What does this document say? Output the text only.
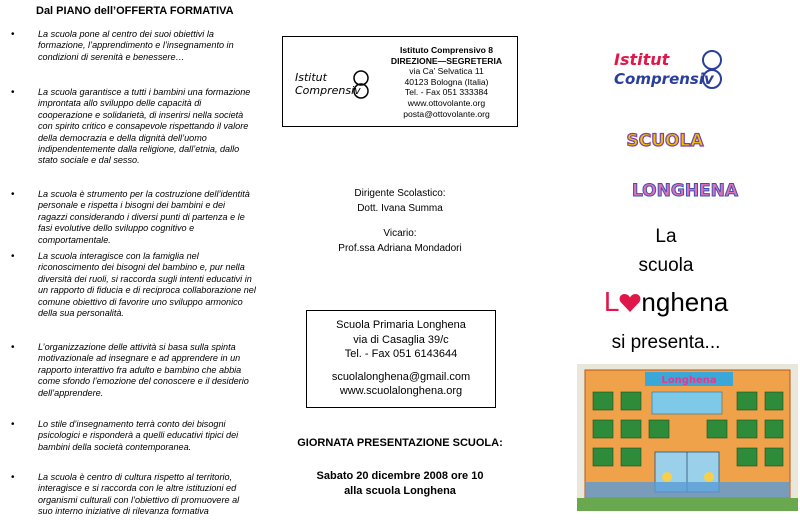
Dal PIANO dell’OFFERTA FORMATIVA
• La scuola pone al centro dei suoi obiettivi la formazione, l’apprendimento e l’insegnamento in condizioni di serenità e benessere…
• La scuola garantisce a tutti i bambini una formazione improntata allo sviluppo delle capacità di cooperazione e solidarietà, di inserirsi nella società con spirito critico e consapevole rispettando il valore della democrazia e della dignità dell’uomo indipendentemente dalla religione, dall’etnia, dallo stato sociale e dal sesso.
• La scuola è strumento per la costruzione dell’identità personale e rispetta i bisogni dei bambini e dei ragazzi considerando i diversi punti di partenza e le fasi evolutive dello sviluppo cognitivo e comportamentale.
• La scuola interagisce con la famiglia nel riconoscimento dei bisogni del bambino e, pur nella diversità dei ruoli, si raccorda sugli intenti educativi in un rapporto di fiducia e di reciproca collaborazione nel comune obiettivo di favorire uno sviluppo armonico della sua personalità.
• L’organizzazione delle attività si basa sulla spinta motivazionale ad insegnare e ad apprendere in un rapporto interattivo fra adulto e bambino che abbia come sfondo l’emozione del conoscere e il desiderio dell’apprendere.
• Lo stile d’insegnamento terrà conto dei bisogni psicologici e risponderà a quelli educativi tipici dei bambini della società contemporanea.
• La scuola è centro di cultura rispetto al territorio, interagisce e si raccorda con le altre istituzioni ed organismi culturali con l’obiettivo di promuovere al suo interno iniziative di rilevanza formativa
Istitut
Comprensiv
Istituto Comprensivo 8
DIREZIONE—SEGRETERIA
via Ca’ Selvatica 11
40123 Bologna (Italia)
Tel. - Fax 051 333384
www.ottovolante.org
posta@ottovolante.org
Dirigente Scolastico:
Dott. Ivana Summa
Vicario:
Prof.ssa Adriana Mondadori
Scuola Primaria Longhena
via di Casaglia 39/c
Tel. - Fax 051 6143644
scuolalonghena@gmail.com
www.scuolalonghena.org
GIORNATA PRESENTAZIONE SCUOLA:
Sabato 20 dicembre 2008 ore 10
alla scuola Longhena
Istitut
Comprensiv
SCUOLA
LONGHENA
La
scuola
L nghena
si presenta...
Longhena
